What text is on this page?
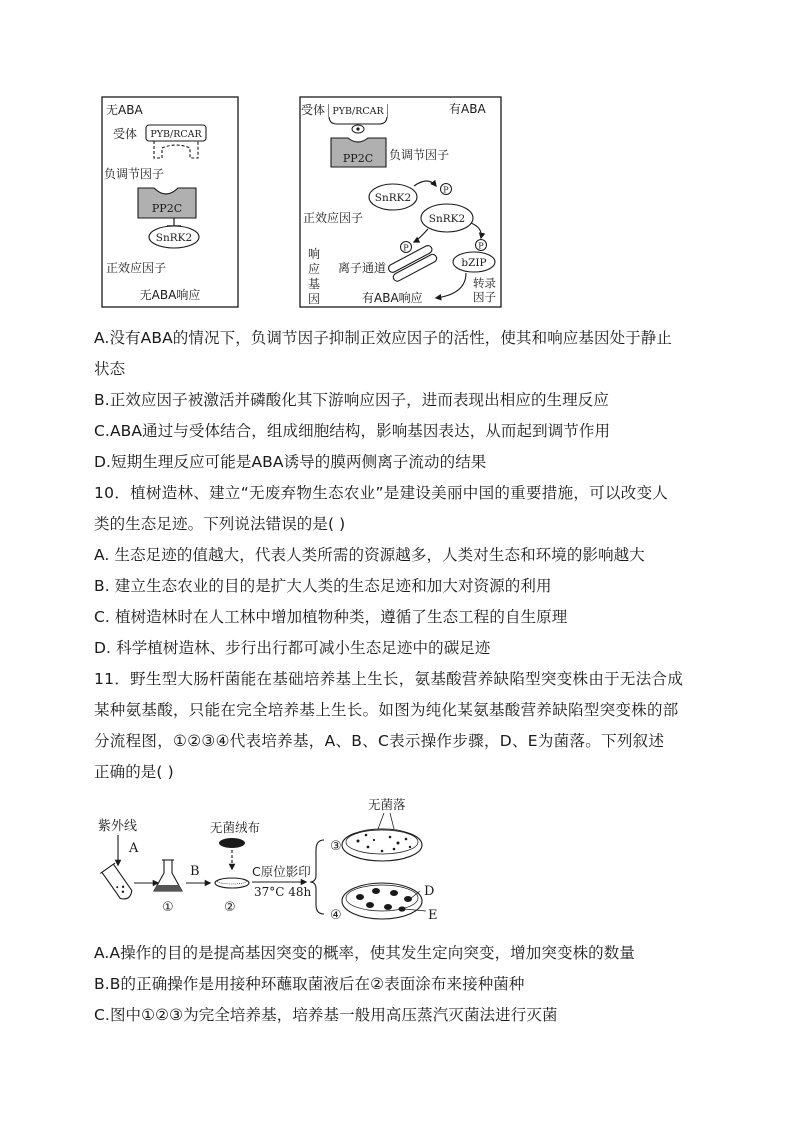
无ABA
受体 PYB/RCAR
负调节因子
PP2C
SnRK2
正效应因子
无ABA响应
受体 PYB/RCAR	有ABA
PP2C 负调节因子
SnRK2
P
SnRK2
正效应因子
响
应
基
因
P
离子通道
P
bZIP
转录
因子
有ABA响应
A.没有ABA的情况下，负调节因子抑制正效应因子的活性，使其和响应基因处于静止
状态
B.正效应因子被激活并磷酸化其下游响应因子，进而表现出相应的生理反应
C.ABA通过与受体结合，组成细胞结构，影响基因表达，从而起到调节作用
D.短期生理反应可能是ABA诱导的膜两侧离子流动的结果
10．植树造林、建立“无废弃物生态农业”是建设美丽中国的重要措施，可以改变人
类的生态足迹。下列说法错误的是( )
A. 生态足迹的值越大，代表人类所需的资源越多，人类对生态和环境的影响越大
B. 建立生态农业的目的是扩大人类的生态足迹和加大对资源的利用
C. 植树造林时在人工林中增加植物种类，遵循了生态工程的自生原理
D. 科学植树造林、步行出行都可减小生态足迹中的碳足迹
11．野生型大肠杆菌能在基础培养基上生长，氨基酸营养缺陷型突变株由于无法合成
某种氨基酸，只能在完全培养基上生长。如图为纯化某氨基酸营养缺陷型突变株的部
分流程图，①②③④代表培养基，A、B、C表示操作步骤，D、E为菌落。下列叙述
正确的是( )
紫外线
A
①
B
无菌绒布
②
C原位影印
37°C 48h
③
无菌落
④
D
E
A.A操作的目的是提高基因突变的概率，使其发生定向突变，增加突变株的数量
B.B的正确操作是用接种环蘸取菌液后在②表面涂布来接种菌种
C.图中①②③为完全培养基，培养基一般用高压蒸汽灭菌法进行灭菌
